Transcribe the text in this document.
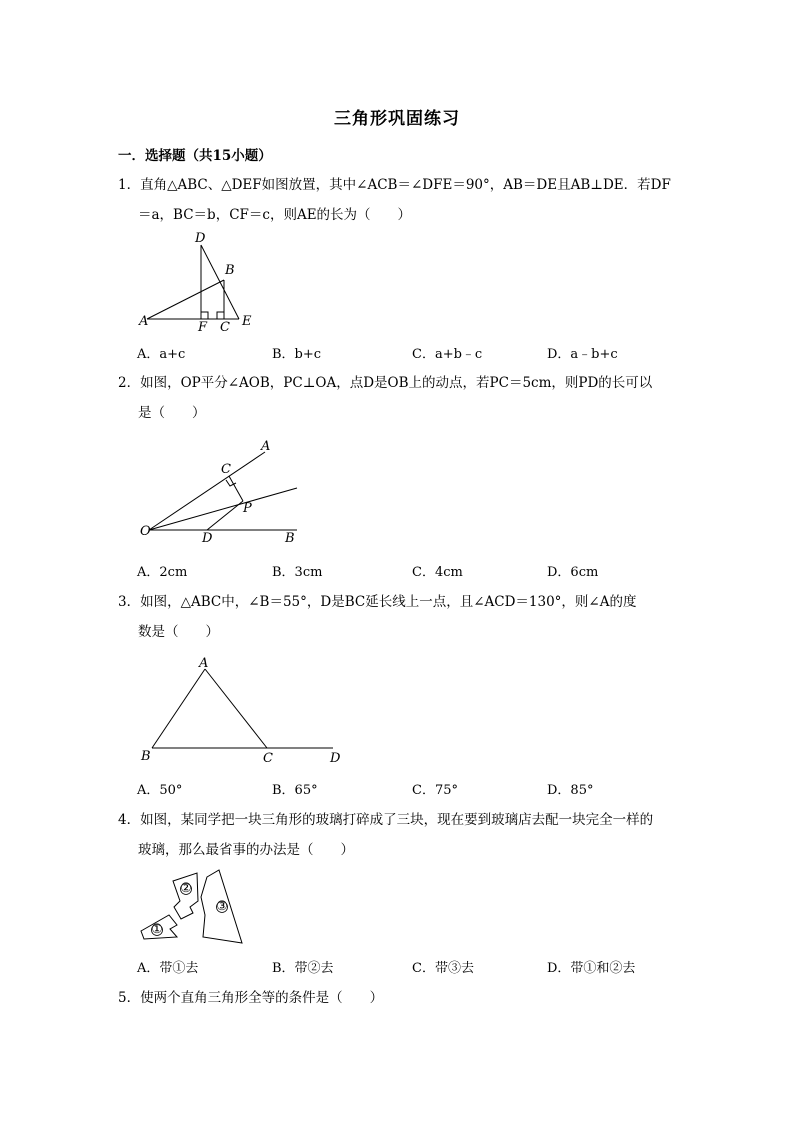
三角形巩固练习
一．选择题（共15小题）
1．直角△ABC、△DEF如图放置，其中∠ACB＝∠DFE＝90°，AB＝DE且AB⊥DE．若DF
＝a，BC＝b，CF＝c，则AE的长为（　　）
D
B
A	F C E
A．a+c	B．b+c	C．a+b﹣c	D．a﹣b+c
2．如图，OP平分∠AOB，PC⊥OA，点D是OB上的动点，若PC＝5cm，则PD的长可以
是（　　）
A
C
P
O	D	B
A．2cm	B．3cm	C．4cm	D．6cm
3．如图，△ABC中，∠B＝55°，D是BC延长线上一点，且∠ACD＝130°，则∠A的度
数是（　　）
A
B	C	D
A．50°	B．65°	C．75°	D．85°
4．如图，某同学把一块三角形的玻璃打碎成了三块，现在要到玻璃店去配一块完全一样的
玻璃，那么最省事的办法是（　　）
①
②
③
A．带①去	B．带②去	C．带③去	D．带①和②去
5．使两个直角三角形全等的条件是（　　）
